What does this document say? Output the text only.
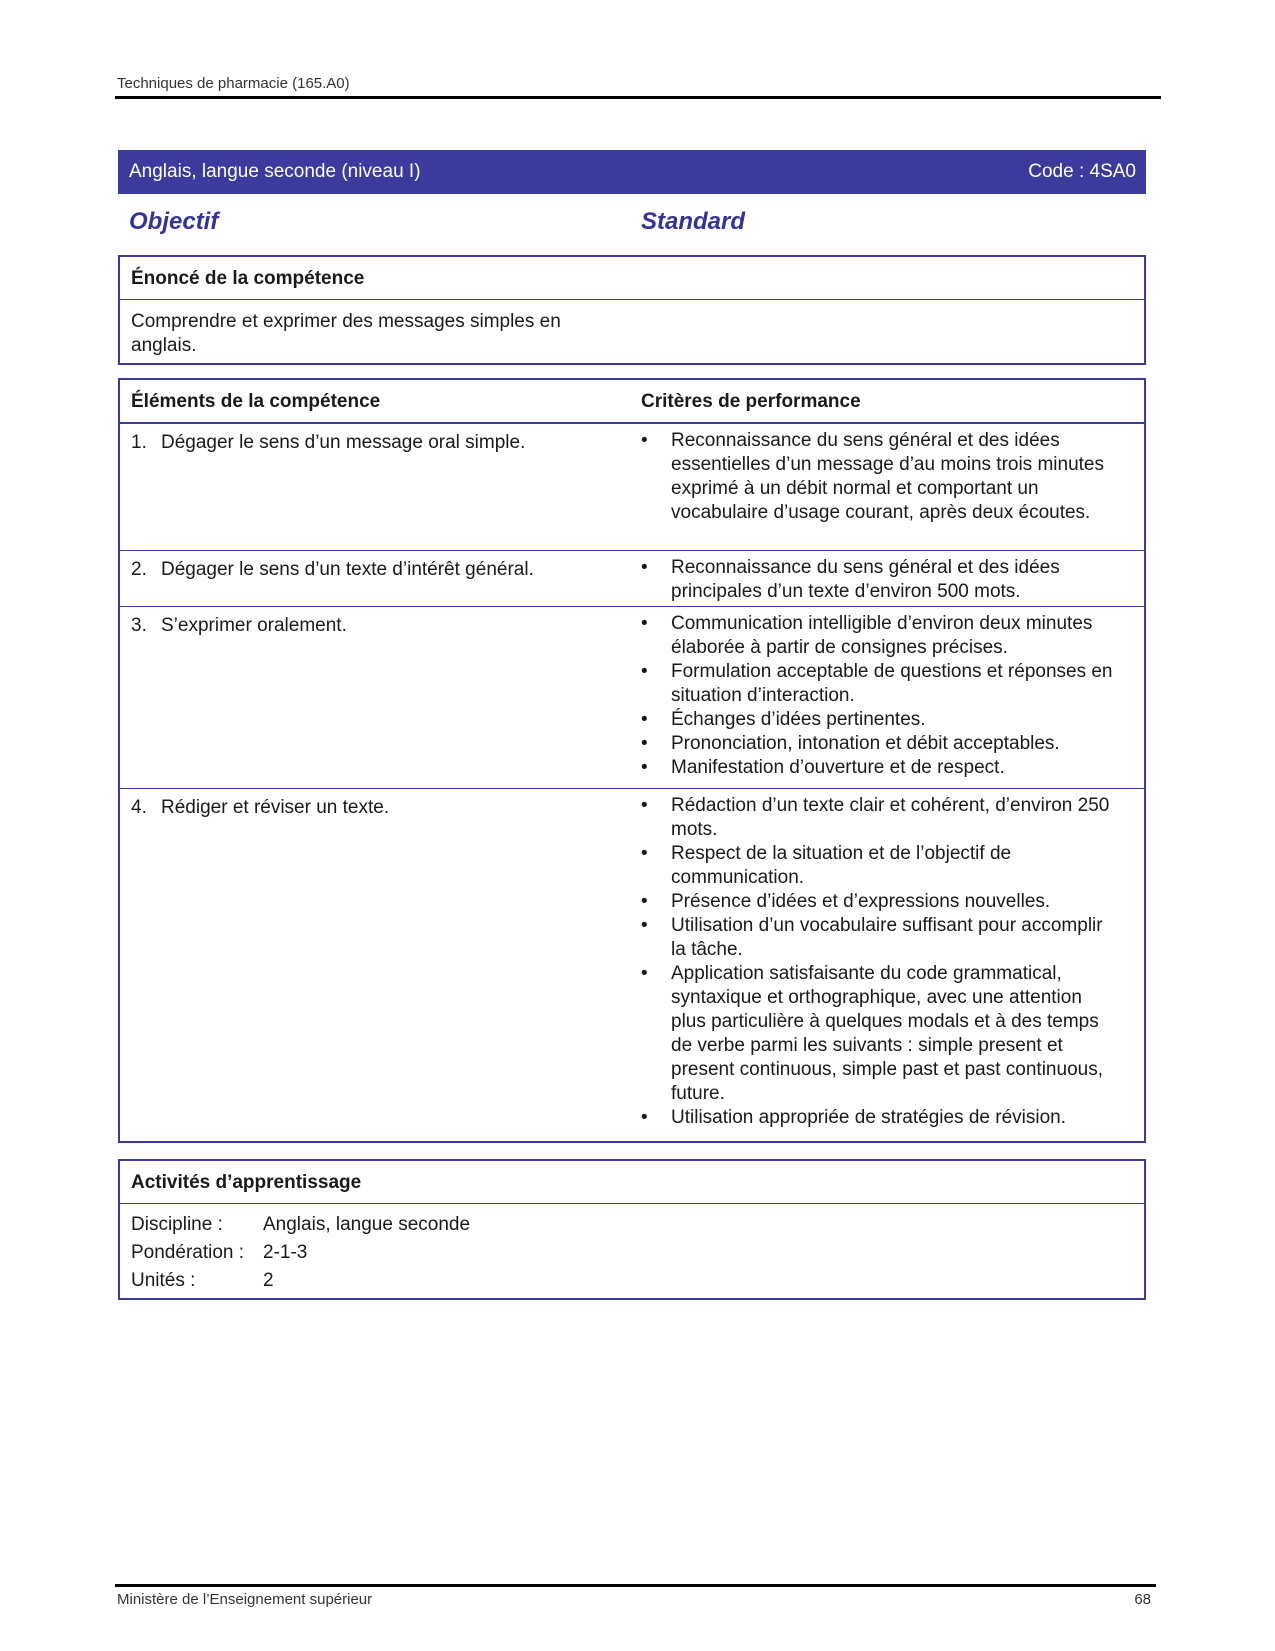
Techniques de pharmacie (165.A0)
Anglais, langue seconde (niveau I)	Code : 4SA0
Objectif	Standard
Énoncé de la compétence
Comprendre et exprimer des messages simples en anglais.
Éléments de la compétence	Critères de performance
1. Dégager le sens d’un message oral simple.	• Reconnaissance du sens général et des idées essentielles d’un message d’au moins trois minutes exprimé à un débit normal et comportant un vocabulaire d’usage courant, après deux écoutes.
2. Dégager le sens d’un texte d’intérêt général.	• Reconnaissance du sens général et des idées principales d’un texte d’environ 500 mots.
3. S’exprimer oralement.	• Communication intelligible d’environ deux minutes élaborée à partir de consignes précises.
• Formulation acceptable de questions et réponses en situation d’interaction.
• Échanges d’idées pertinentes.
• Prononciation, intonation et débit acceptables.
• Manifestation d’ouverture et de respect.
4. Rédiger et réviser un texte.	• Rédaction d’un texte clair et cohérent, d’environ 250 mots.
• Respect de la situation et de l’objectif de communication.
• Présence d’idées et d’expressions nouvelles.
• Utilisation d’un vocabulaire suffisant pour accomplir la tâche.
• Application satisfaisante du code grammatical, syntaxique et orthographique, avec une attention plus particulière à quelques modals et à des temps de verbe parmi les suivants : simple present et present continuous, simple past et past continuous, future.
• Utilisation appropriée de stratégies de révision.
Activités d’apprentissage
Discipline : Anglais, langue seconde
Pondération : 2-1-3
Unités :	2
Ministère de l’Enseignement supérieur	68
